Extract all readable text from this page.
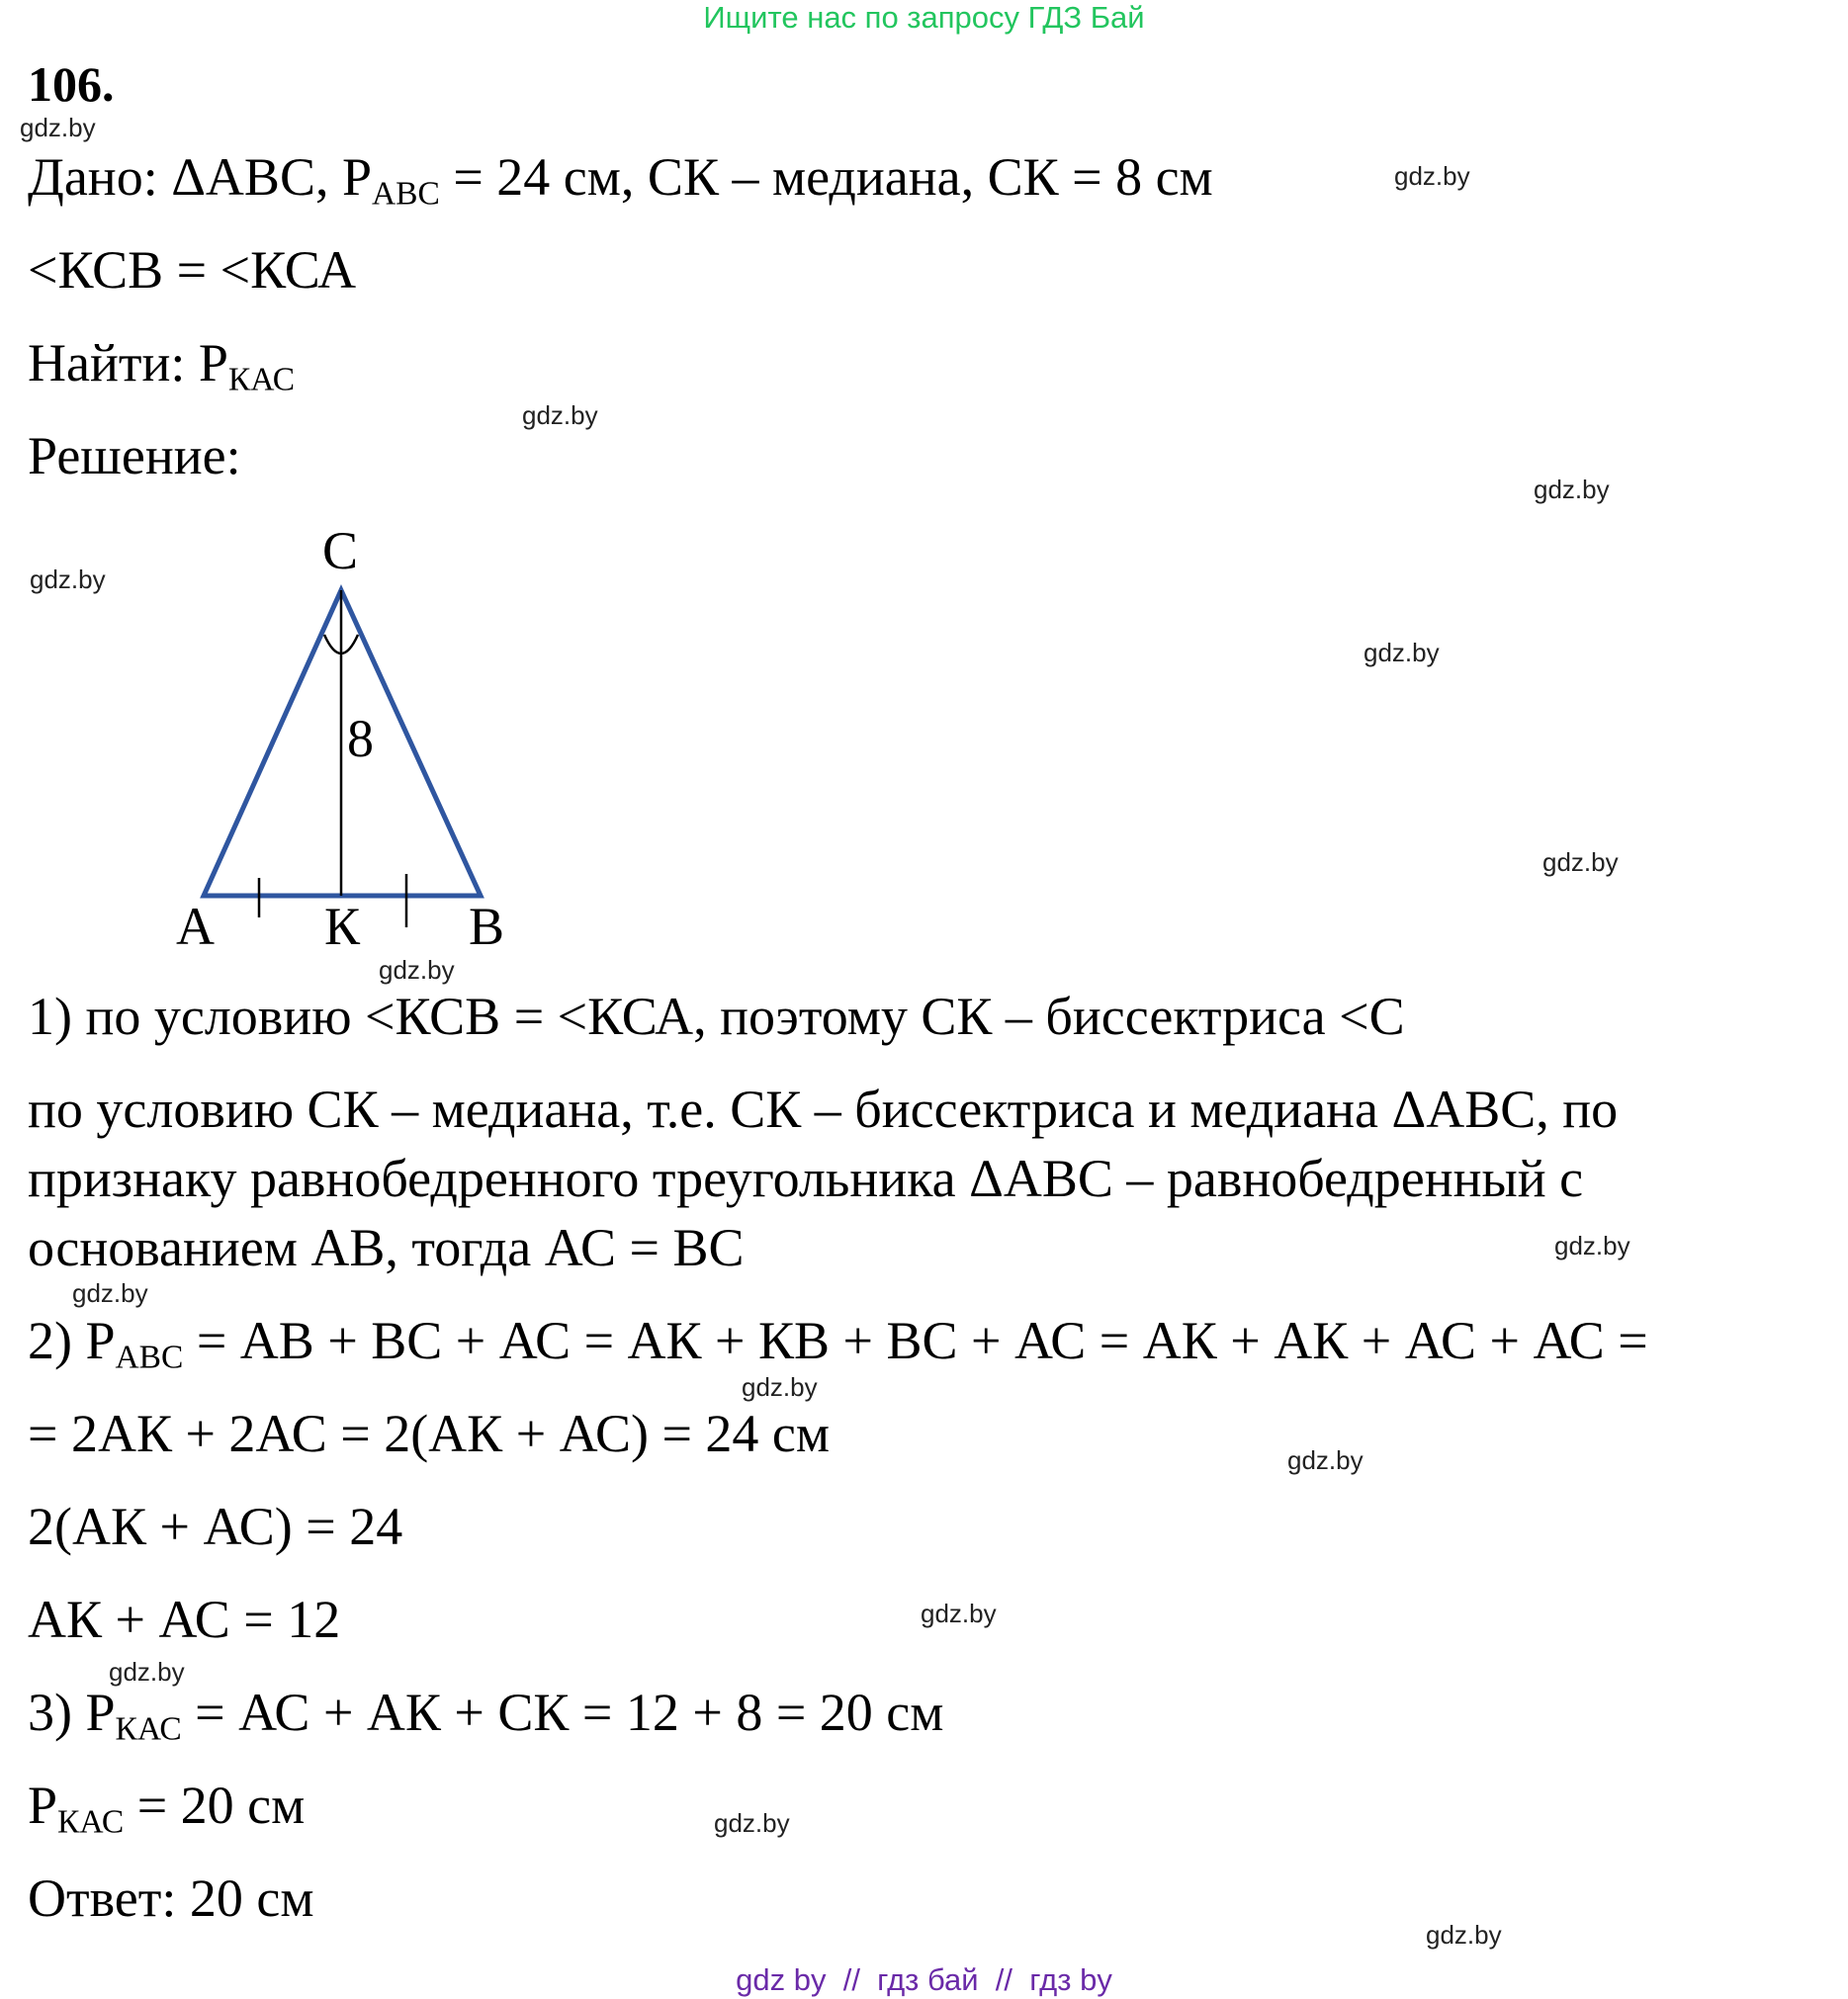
Ищите нас по запросу ГДЗ Бай
106.
gdz.by
gdz.by
gdz.by
gdz.by
gdz.by
gdz.by
gdz.by
gdz.by
gdz.by
gdz.by
gdz.by
gdz.by
gdz.by
gdz.by
gdz.by
gdz.by
Дано: ΔАВС, $Р_{АВС} = 24$ см, СК – медиана, СК = 8 см
<КСВ = <КСА
Найти: $Р_{КАС}$
Решение:
С
А К В
8
1) по условию <КСВ = <КСА, поэтому СК – биссектриса <С
по условию СК – медиана, т.е. СК – биссектриса и медиана ΔАВС, по
признаку равнобедренного треугольника ΔАВС – равнобедренный с
основанием АВ, тогда АС = ВС
2) $Р_{АВС}$ = АВ + ВС + АС = АК + КВ + ВС + АС = АК + АК + АС + АС =
= 2АК + 2АС = 2(АК + АС) = 24 см
2(АК + АС) = 24
АК + АС = 12
3) $Р_{КАС}$ = АС + АК + СК = 12 + 8 = 20 см
$Р_{КАС} = 20$ см
Ответ: 20 см
gdz by  //  гдз бай  //  гдз by
